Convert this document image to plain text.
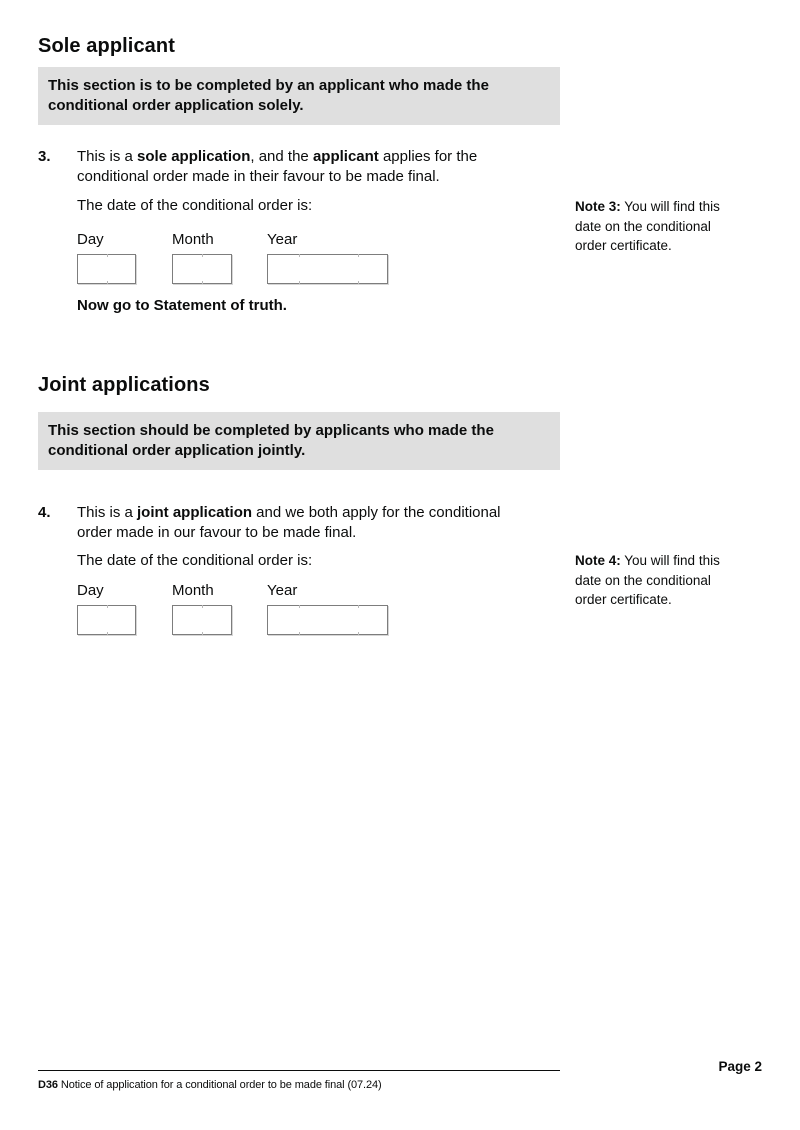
Sole applicant
This section is to be completed by an applicant who made the
conditional order application solely.
3. This is a sole application, and the applicant applies for the
conditional order made in their favour to be made final.
The date of the conditional order is:
Day	Month	Year
Now go to Statement of truth.
Note 3: You will find this
date on the conditional
order certificate.
Joint applications
This section should be completed by applicants who made the
conditional order application jointly.
4. This is a joint application and we both apply for the conditional
order made in our favour to be made final.
The date of the conditional order is:
Day	Month	Year
Note 4: You will find this
date on the conditional
order certificate.
Page 2
D36 Notice of application for a conditional order to be made final (07.24)
